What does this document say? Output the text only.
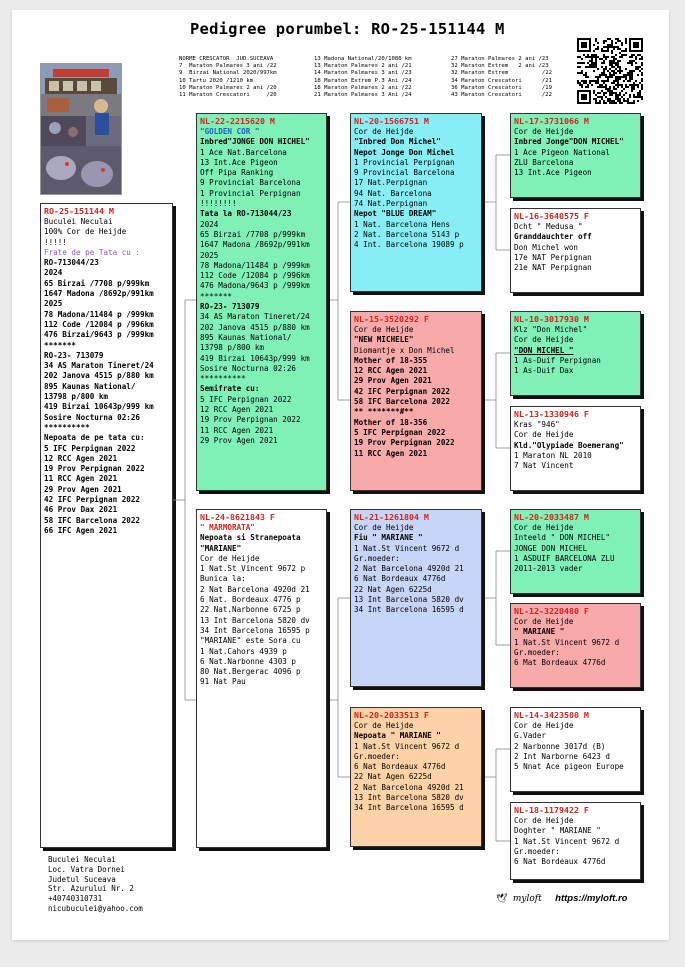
Pedigree porumbel: RO-25-151144 M
NORME CRESCATOR  JUD.SUCEAVA
7  Maraton Palmares 3 ani /22
9  Birzai National 2020/997km
10 Tartu 2020 /1210 km
10 Maraton Palmares 2 ani /20
11 Maraton Crescatori     /20
13 Madona National/20/1086 km
13 Maraton Palmares 2 ani /21
14 Maraton Palmares 3 ani /23
18 Maraton Extrem P.3 Ani /24
18 Maraton Palmares 2 ani /22
21 Maraton Palmares 3 Ani /24
27 Maraton Palmares 2 ani /23
32 Maraton Extrem   2 ani /23
32 Maraton Extrem          /22
34 Maraton Crescatori      /21
36 Maraton Crescatori      /19
43 Maraton Crescatori      /22
RO-25-151144 M
Buculei Neculai
100% Cor de Heijde
!!!!!
Frate de pe Tata cu :
RO-713044/23
2024
65 Birzai /7708 p/999km
1647 Madona /8692p/991km
2025
78 Madona/11484 p /999km
112 Code /12084 p /996km
476 Birzai/9643 p /999km
*******
RO-23- 713079
34 AS Maraton Tineret/24
202 Janova 4515 p/880 km
895 Kaunas National/
13798 p/800 km
419 Birzai 10643p/999 km
Sosire Nocturna 02:26
**********
Nepoata de pe tata cu:
5 IFC Perpignan 2022
12 RCC Agen 2021
19 Prov Perpignan 2022
11 RCC Agen 2021
29 Prov Agen 2021
42 IFC Perpignan 2022
46 Prov Dax 2021
58 IFC Barcelona 2022
66 IFC Agen 2021
NL-22-2215620 M
"GOLDEN COR "
Inbred"JONGE DON HICHEL"
1 Ace Nat.Barcelona
13 Int.Ace Pigeon
Off Pipa Ranking
9 Provincial Barcelona
1 Provincial Perpignan
!!!!!!!!
Tata la RO-713044/23
2024
65 Birzai /7708 p/999km
1647 Madona /8692p/991km
2025
78 Madona/11484 p /999km
112 Code /12084 p /996km
476 Madona/9643 p /999km
*******
RO-23- 713079
34 AS Maraton Tineret/24
202 Janova 4515 p/880 km
895 Kaunas National/
13798 p/800 km
419 Birzai 10643p/999 km
Sosire Nocturna 02:26
**********
Semifrate cu:
5 IFC Perpignan 2022
12 RCC Agen 2021
19 Prov Perpignan 2022
11 RCC Agen 2021
29 Prov Agen 2021
NL-24-8621843 F
" MARMORATA"
Nepoata si Stranepoata
"MARIANE"
Cor de Heijde
1 Nat.St Vincent 9672 p
Bunica la:
2 Nat Barcelona 4920d 21
6 Nat. Bordeaux 4776 p
22 Nat.Narbonne 6725 p
13 Int Barcelona 5820 dv
34 Int Barcelona 16595 p
"MARIANE" este Sora cu
1 Nat.Cahors 4939 p
6 Nat.Narbonne 4303 p
80 Nat.Bergerac 4096 p
91 Nat Pau
NL-20-1566751 M
Cor de Heijde
"Inbred Don Michel"
Nepot Jonge Don Michel
1 Provincial Perpignan
9 Provincial Barcelona
17 Nat.Perpignan
94 Nat. Barcelona
74 Nat.Perpignan
Nepot "BLUE DREAM"
1 Nat. Barcelona Hens
2 Nat. Barcelona 5143 p
4 Int. Barcelona 19089 p
NL-15-3520292 F
Cor de Heijde
"NEW MICHELE"
Diomantje x Don Michel
Mother of 18-355
12 RCC Agen 2021
29 Prov Agen 2021
42 IFC Perpignan 2022
58 IFC Barcelona 2022
** *******#**
Mother of 18-356
5 IFC Perpignan 2022
19 Prov Perpignan 2022
11 RCC Agen 2021
NL-21-1261804 M
Cor de Heijde
Fiu " MARIANE "
1 Nat.St Vincent 9672 d
Gr.moeder:
2 Nat Barcelona 4920d 21
6 Nat Bordeaux 4776d
22 Nat Agen 6225d
13 Int Barcelona 5820 dv
34 Int Barcelona 16595 d
NL-20-2033513 F
Cor de Heijde
Nepoata " MARIANE "
1 Nat.St Vincent 9672 d
Gr.moeder:
6 Nat Bordeaux 4776d
22 Nat Agen 6225d
2 Nat Barcelona 4920d 21
13 Int Barcelona 5820 dv
34 Int Barcelona 16595 d
NL-17-3731066 M
Cor de Heijde
Inbred Jonge"DON MICHEL"
1 Ace Pigeon National
ZLU Barcelona
13 Int.Ace Pigeon
NL-16-3640575 F
Dcht " Medusa "
Granddauchter off
Don Michel won
17e NAT Perpignan
21e NAT Perpignan
NL-10-3017930 M
Klz "Don Michel"
Cor de Heijde
"DON MICHEL "
1 As-Duif Perpignan
1 As-Duif Dax
NL-13-1330946 F
Kras "946"
Cor de Heijde
Kld."Olypiade Boemerang"
1 Maraton NL 2010
7 Nat Vincent
NL-20-2033487 M
Cor de Heijde
Inteeld " DON MICHEL"
JONGE DON MICHEL
1 ASDUIF BARCELONA ZLU
2011-2013 vader
NL-12-3220480 F
Cor de Heijde
" MARIANE "
1 Nat.St Vincent 9672 d
Gr.moeder:
6 Mat Bordeaux 4776d
NL-14-3423500 M
Cor de Heijde
G.Vader
2 Narbonne 3017d (B)
2 Int Narborne 6423 d
5 Nnat Ace pigeon Europe
NL-18-1179422 F
Cor de Heijde
Doghter " MARIANE "
1 Nat.St Vincent 9672 d
Gr.moeder:
6 Nat Bordeaux 4776d
Buculei Neculai
Loc. Vatra Dornei
Judetul Suceava
Str. Azurului Nr. 2
+40740310731
nicubuculei@yahoo.com
🕊 myloft https://myloft.ro
